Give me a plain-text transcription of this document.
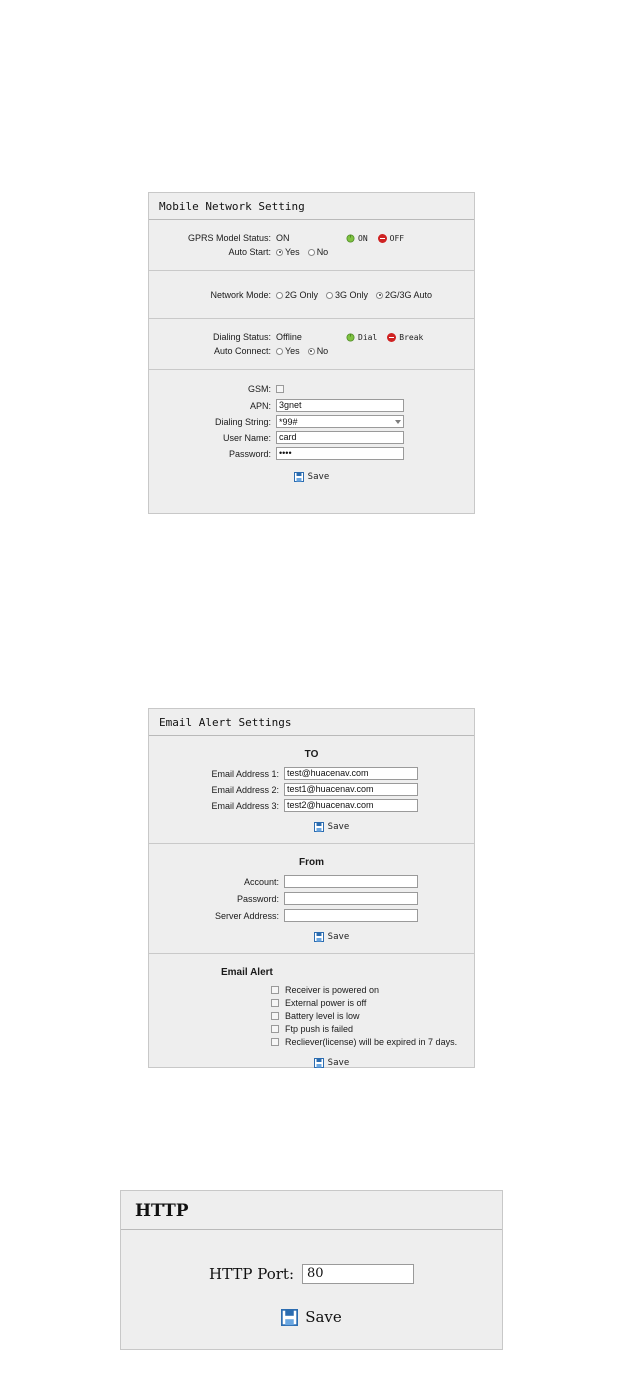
Mobile Network Setting
GPRS Model Status: ON	ON	OFF
Auto Start:	Yes No
Network Mode:	2G Only 3G Only 2G/3G Auto
Dialing Status: Offline	Dial	Break
Auto Connect:	Yes No
GSM:
APN:
3gnet
Dialing String: *99#
User Name:
card
Password:
••••
Save
Email Alert Settings
TO
Email Address 1:
test@huacenav.com
Email Address 2:
test1@huacenav.com
Email Address 3:
test2@huacenav.com
Save
From
Account:
Password:
Server Address:
Save
Email Alert
Receiver is powered on
External power is off
Battery level is low
Ftp push is failed
Recliever(license) will be expired in 7 days.
Save
HTTP
HTTP Port:
80
Save
